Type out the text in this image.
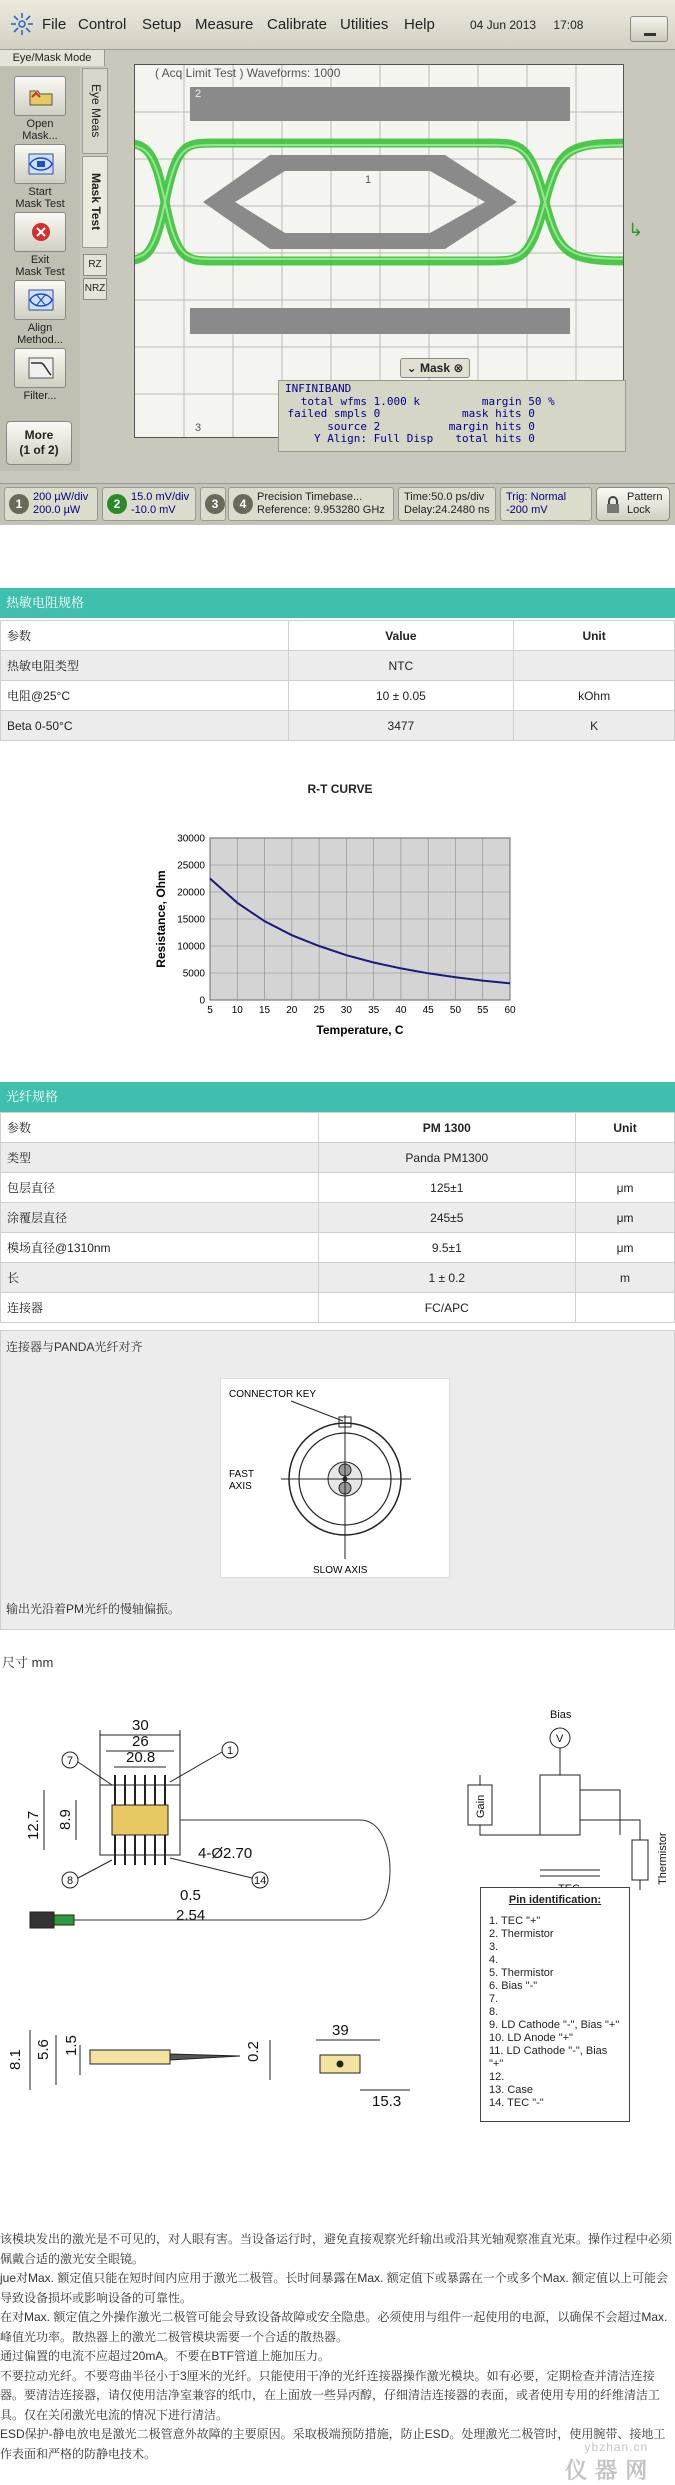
File Control Setup Measure Calibrate Utilities Help	04 Jun 2013 17:08
Eye/Mask Mode
Open
Mask...
Start
Mask Test
Exit
Mask Test
Align
Method...
Filter...
More
(1 of 2)
Eye Meas
Mask Test
RZ
NRZ
2
1
3
( Acq Limit Test ) Waveforms: 1000
↳
⌄ Mask ⊗
INFINIBAND
total wfms 1.000 k	margin 50 %
failed smpls 0	mask hits 0
source 2	margin hits 0
Y Align: Full Disp total hits 0
1 200 µW/div
200.0 µW	2 15.0 mV/div
-10.0 mV	3	4 Precision Timebase...
Reference: 9.953280 GHz
Time:50.0 ps/div
Delay:24.2480 ns
Trig: Normal
-200 mV
Pattern
Lock
热敏电阻规格
参数	Value	Unit
热敏电阻类型	NTC	
电阻@25°C	10 ± 0.05	kOhm
Beta 0-50°C	3477	K
R-T CURVE
5 10 15 20 25 30 35 40 45 50 55 60
0
5000
10000
15000
20000
25000
30000
Temperature, C
Resistance, Ohm
光纤规格
参数	PM 1300	Unit
类型	Panda PM1300	
包层直径	125±1	μm
涂覆层直径	245±5	μm
模场直径@1310nm	9.5±1	μm
长	1 ± 0.2	m
连接器	FC/APC	
连接器与PANDA光纤对齐
CONNECTOR KEY
FAST
AXIS
SLOW AXIS
输出光沿着PM光纤的慢轴偏振。
尺寸 mm
30
26
20.8
12.7 8.9
0.5
2.54
4-Ø2.70
8.1 5.6 1.5	0.2
39
15.3
7
1
8	14
Bias
V
Gain
Thermistor
Pin identification:
1. TEC "+"
2. Thermistor
3.
4.
5. Thermistor
6. Bias "-"
7.
8.
9. LD Cathode "-", Bias "+"
10. LD Anode "+"
11. LD Cathode "-", Bias "+"
12.
13. Case
14. TEC "-"

该模块发出的激光是不可见的，对人眼有害。当设备运行时，避免直接观察光纤输出或沿其光轴观察准直光束。操作过程中必须佩戴合适的激光安全眼镜。

jue对Max. 额定值只能在短时间内应用于激光二极管。长时间暴露在Max. 额定值下或暴露在一个或多个Max. 额定值以上可能会导致设备损坏或影响设备的可靠性。

在对Max. 额定值之外操作激光二极管可能会导致设备故障或安全隐患。必须使用与组件一起使用的电源，以确保不会超过Max. 峰值光功率。散热器上的激光二极管模块需要一个合适的散热器。

通过偏置的电流不应超过20mA。不要在BTF管道上施加压力。

不要拉动光纤。不要弯曲半径小于3厘米的光纤。只能使用干净的光纤连接器操作激光模块。如有必要，定期检查并清洁连接器。要清洁连接器，请仅使用洁净室兼容的纸巾，在上面放一些异丙醇，仔细清洁连接器的表面，或者使用专用的纤维清洁工具。仅在关闭激光电流的情况下进行清洁。

ESD保护-静电放电是激光二极管意外故障的主要原因。采取极端预防措施，防止ESD。处理激光二极管时，使用腕带、接地工作表面和严格的防静电技术。	ybzhan.cn
仪 器 网
